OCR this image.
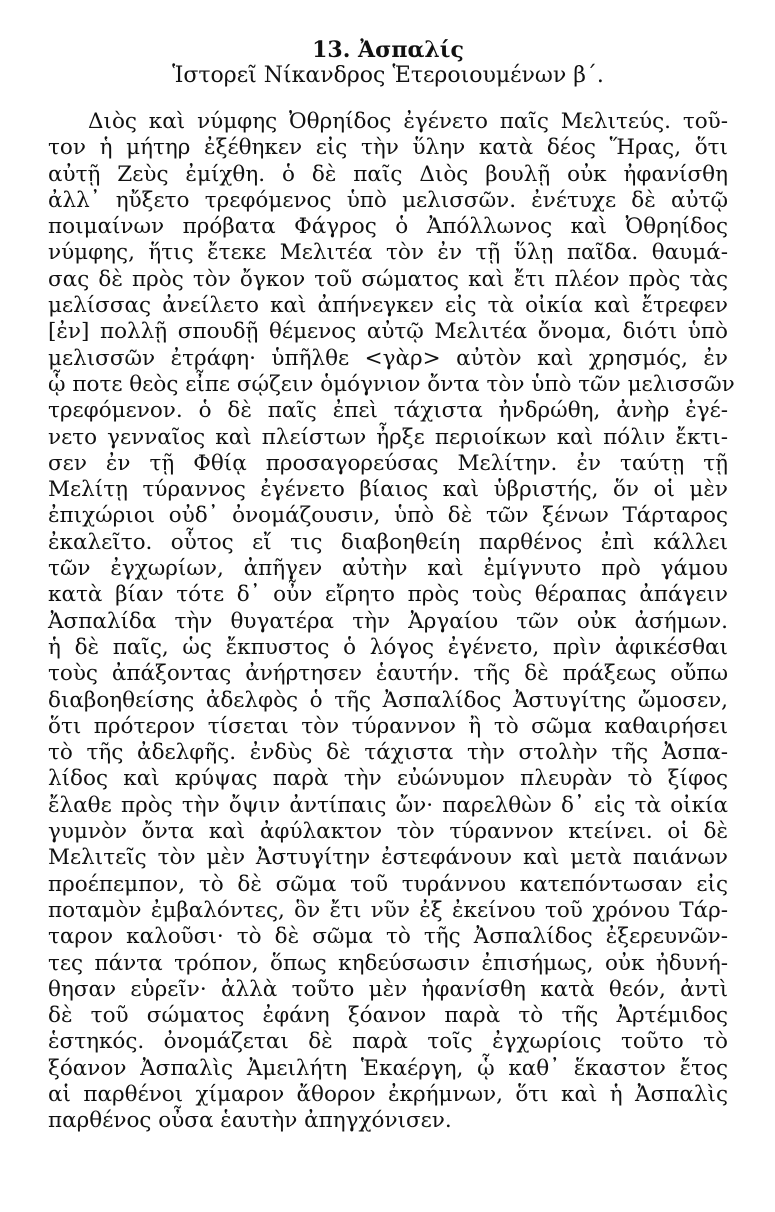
13. Ἀσπαλίς
Ἱστορεῖ Νίκανδρος Ἑτεροιουμένων β΄.
Διὸς καὶ νύμφης Ὀθρηίδος ἐγένετο παῖς Μελιτεύς. τοῦ-
τον ἡ μήτηρ ἐξέθηκεν εἰς τὴν ὕλην κατὰ δέος Ἥρας, ὅτι
αὐτῇ Ζεὺς ἐμίχθη. ὁ δὲ παῖς Διὸς βουλῇ οὐκ ἠφανίσθη
ἀλλ᾿ ηὔξετο τρεφόμενος ὑπὸ μελισσῶν. ἐνέτυχε δὲ αὐτῷ
ποιμαίνων πρόβατα Φάγρος ὁ Ἀπόλλωνος καὶ Ὀθρηίδος
νύμφης, ἥτις ἔτεκε Μελιτέα τὸν ἐν τῇ ὕλῃ παῖδα. θαυμά-
σας δὲ πρὸς τὸν ὄγκον τοῦ σώματος καὶ ἔτι πλέον πρὸς τὰς
μελίσσας ἀνείλετο καὶ ἀπήνεγκεν εἰς τὰ οἰκία καὶ ἔτρεφεν
[ἐν] πολλῇ σπουδῇ θέμενος αὐτῷ Μελιτέα ὄνομα, διότι ὑπὸ
μελισσῶν ἐτράφη· ὑπῆλθε <γὰρ> αὐτὸν καὶ χρησμός, ἐν
ᾧ ποτε θεὸς εἶπε σῴζειν ὁμόγνιον ὄντα τὸν ὑπὸ τῶν μελισσῶν
τρεφόμενον. ὁ δὲ παῖς ἐπεὶ τάχιστα ἠνδρώθη, ἀνὴρ ἐγέ-
νετο γενναῖος καὶ πλείστων ἦρξε περιοίκων καὶ πόλιν ἔκτι-
σεν ἐν τῇ Φθίᾳ προσαγορεύσας Μελίτην. ἐν ταύτῃ τῇ
Μελίτῃ τύραννος ἐγένετο βίαιος καὶ ὑβριστής, ὅν οἱ μὲν
ἐπιχώριοι οὐδ᾿ ὀνομάζουσιν, ὑπὸ δὲ τῶν ξένων Τάρταρος
ἐκαλεῖτο. οὗτος εἴ τις διαβοηθείη παρθένος ἐπὶ κάλλει
τῶν ἐγχωρίων, ἀπῆγεν αὐτὴν καὶ ἐμίγνυτο πρὸ γάμου
κατὰ βίαν τότε δ᾿ οὖν εἴρητο πρὸς τοὺς θέραπας ἀπάγειν
Ἀσπαλίδα τὴν θυγατέρα τὴν Ἀργαίου τῶν οὐκ ἀσήμων.
ἡ δὲ παῖς, ὡς ἔκπυστος ὁ λόγος ἐγένετο, πρὶν ἀφικέσθαι
τοὺς ἀπάξοντας ἀνήρτησεν ἑαυτήν. τῆς δὲ πράξεως οὔπω
διαβοηθείσης ἀδελφὸς ὁ τῆς Ἀσπαλίδος Ἀστυγίτης ὤμοσεν,
ὅτι πρότερον τίσεται τὸν τύραννον ἢ τὸ σῶμα καθαιρήσει
τὸ τῆς ἀδελφῆς. ἐνδὺς δὲ τάχιστα τὴν στολὴν τῆς Ἀσπα-
λίδος καὶ κρύψας παρὰ τὴν εὐώνυμον πλευρὰν τὸ ξίφος
ἔλαθε πρὸς τὴν ὄψιν ἀντίπαις ὤν· παρελθὼν δ᾿ εἰς τὰ οἰκία
γυμνὸν ὄντα καὶ ἀφύλακτον τὸν τύραννον κτείνει. οἱ δὲ
Μελιτεῖς τὸν μὲν Ἀστυγίτην ἐστεφάνουν καὶ μετὰ παιάνων
προέπεμπον, τὸ δὲ σῶμα τοῦ τυράννου κατεπόντωσαν εἰς
ποταμὸν ἐμβαλόντες, ὃν ἔτι νῦν ἐξ ἐκείνου τοῦ χρόνου Τάρ-
ταρον καλοῦσι· τὸ δὲ σῶμα τὸ τῆς Ἀσπαλίδος ἐξερευνῶν-
τες πάντα τρόπον, ὅπως κηδεύσωσιν ἐπισήμως, οὐκ ἠδυνή-
θησαν εὑρεῖν· ἀλλὰ τοῦτο μὲν ἠφανίσθη κατὰ θεόν, ἀντὶ
δὲ τοῦ σώματος ἐφάνη ξόανον παρὰ τὸ τῆς Ἀρτέμιδος
ἑστηκός. ὀνομάζεται δὲ παρὰ τοῖς ἐγχωρίοις τοῦτο τὸ
ξόανον Ἀσπαλὶς Ἀμειλήτη Ἑκαέργη, ᾧ καθ᾿ ἕκαστον ἔτος
αἱ παρθένοι χίμαρον ἄθορον ἐκρήμνων, ὅτι καὶ ἡ Ἀσπαλὶς
παρθένος οὖσα ἑαυτὴν ἀπηγχόνισεν.
